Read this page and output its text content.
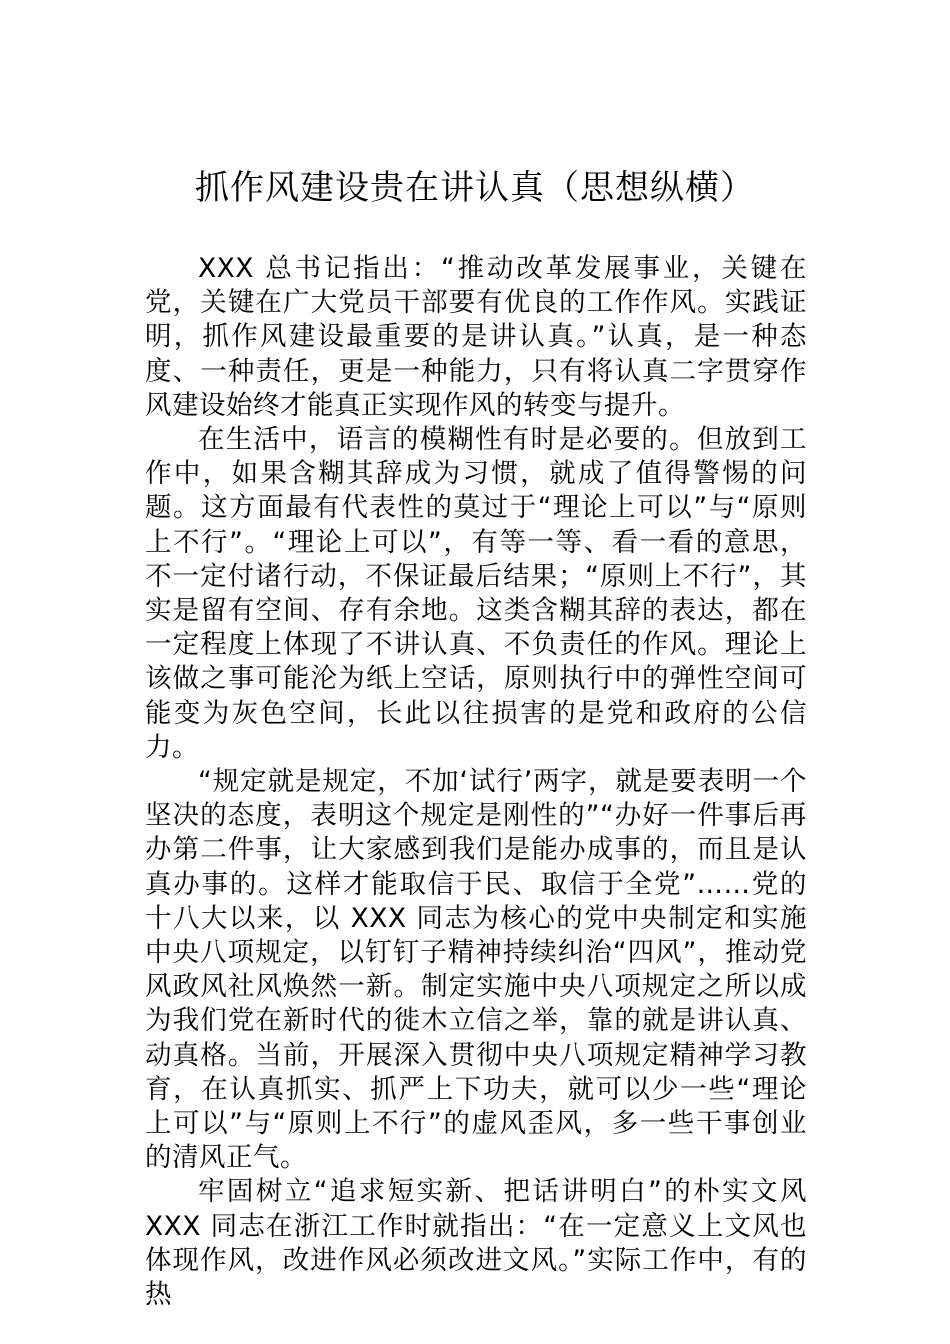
抓作风建设贵在讲认真（思想纵横）

XXX 总书记指出：“推动改革发展事业，关键在党，关键在广大党员干部要有优良的工作作风。实践证明，抓作风建设最重要的是讲认真。”认真，是一种态度、一种责任，更是一种能力，只有将认真二字贯穿作风建设始终才能真正实现作风的转变与提升。

在生活中，语言的模糊性有时是必要的。但放到工作中，如果含糊其辞成为习惯，就成了值得警惕的问题。这方面最有代表性的莫过于“理论上可以”与“原则上不行”。“理论上可以”，有等一等、看一看的意思，不一定付诸行动，不保证最后结果；“原则上不行”，其实是留有空间、存有余地。这类含糊其辞的表达，都在一定程度上体现了不讲认真、不负责任的作风。理论上该做之事可能沦为纸上空话，原则执行中的弹性空间可能变为灰色空间，长此以往损害的是党和政府的公信力。

“规定就是规定，不加‘试行’两字，就是要表明一个坚决的态度，表明这个规定是刚性的”“办好一件事后再办第二件事，让大家感到我们是能办成事的，而且是认真办事的。这样才能取信于民、取信于全党”……党的十八大以来，以 XXX 同志为核心的党中央制定和实施中央八项规定，以钉钉子精神持续纠治“四风”，推动党风政风社风焕然一新。制定实施中央八项规定之所以成为我们党在新时代的徙木立信之举，靠的就是讲认真、动真格。当前，开展深入贯彻中央八项规定精神学习教育，在认真抓实、抓严上下功夫，就可以少一些“理论上可以”与“原则上不行”的虚风歪风，多一些干事创业的清风正气。

牢固树立“追求短实新、把话讲明白”的朴实文风XXX 同志在浙江工作时就指出：“在一定意义上文风也体现作风，改进作风必须改进文风。”实际工作中，有的热
